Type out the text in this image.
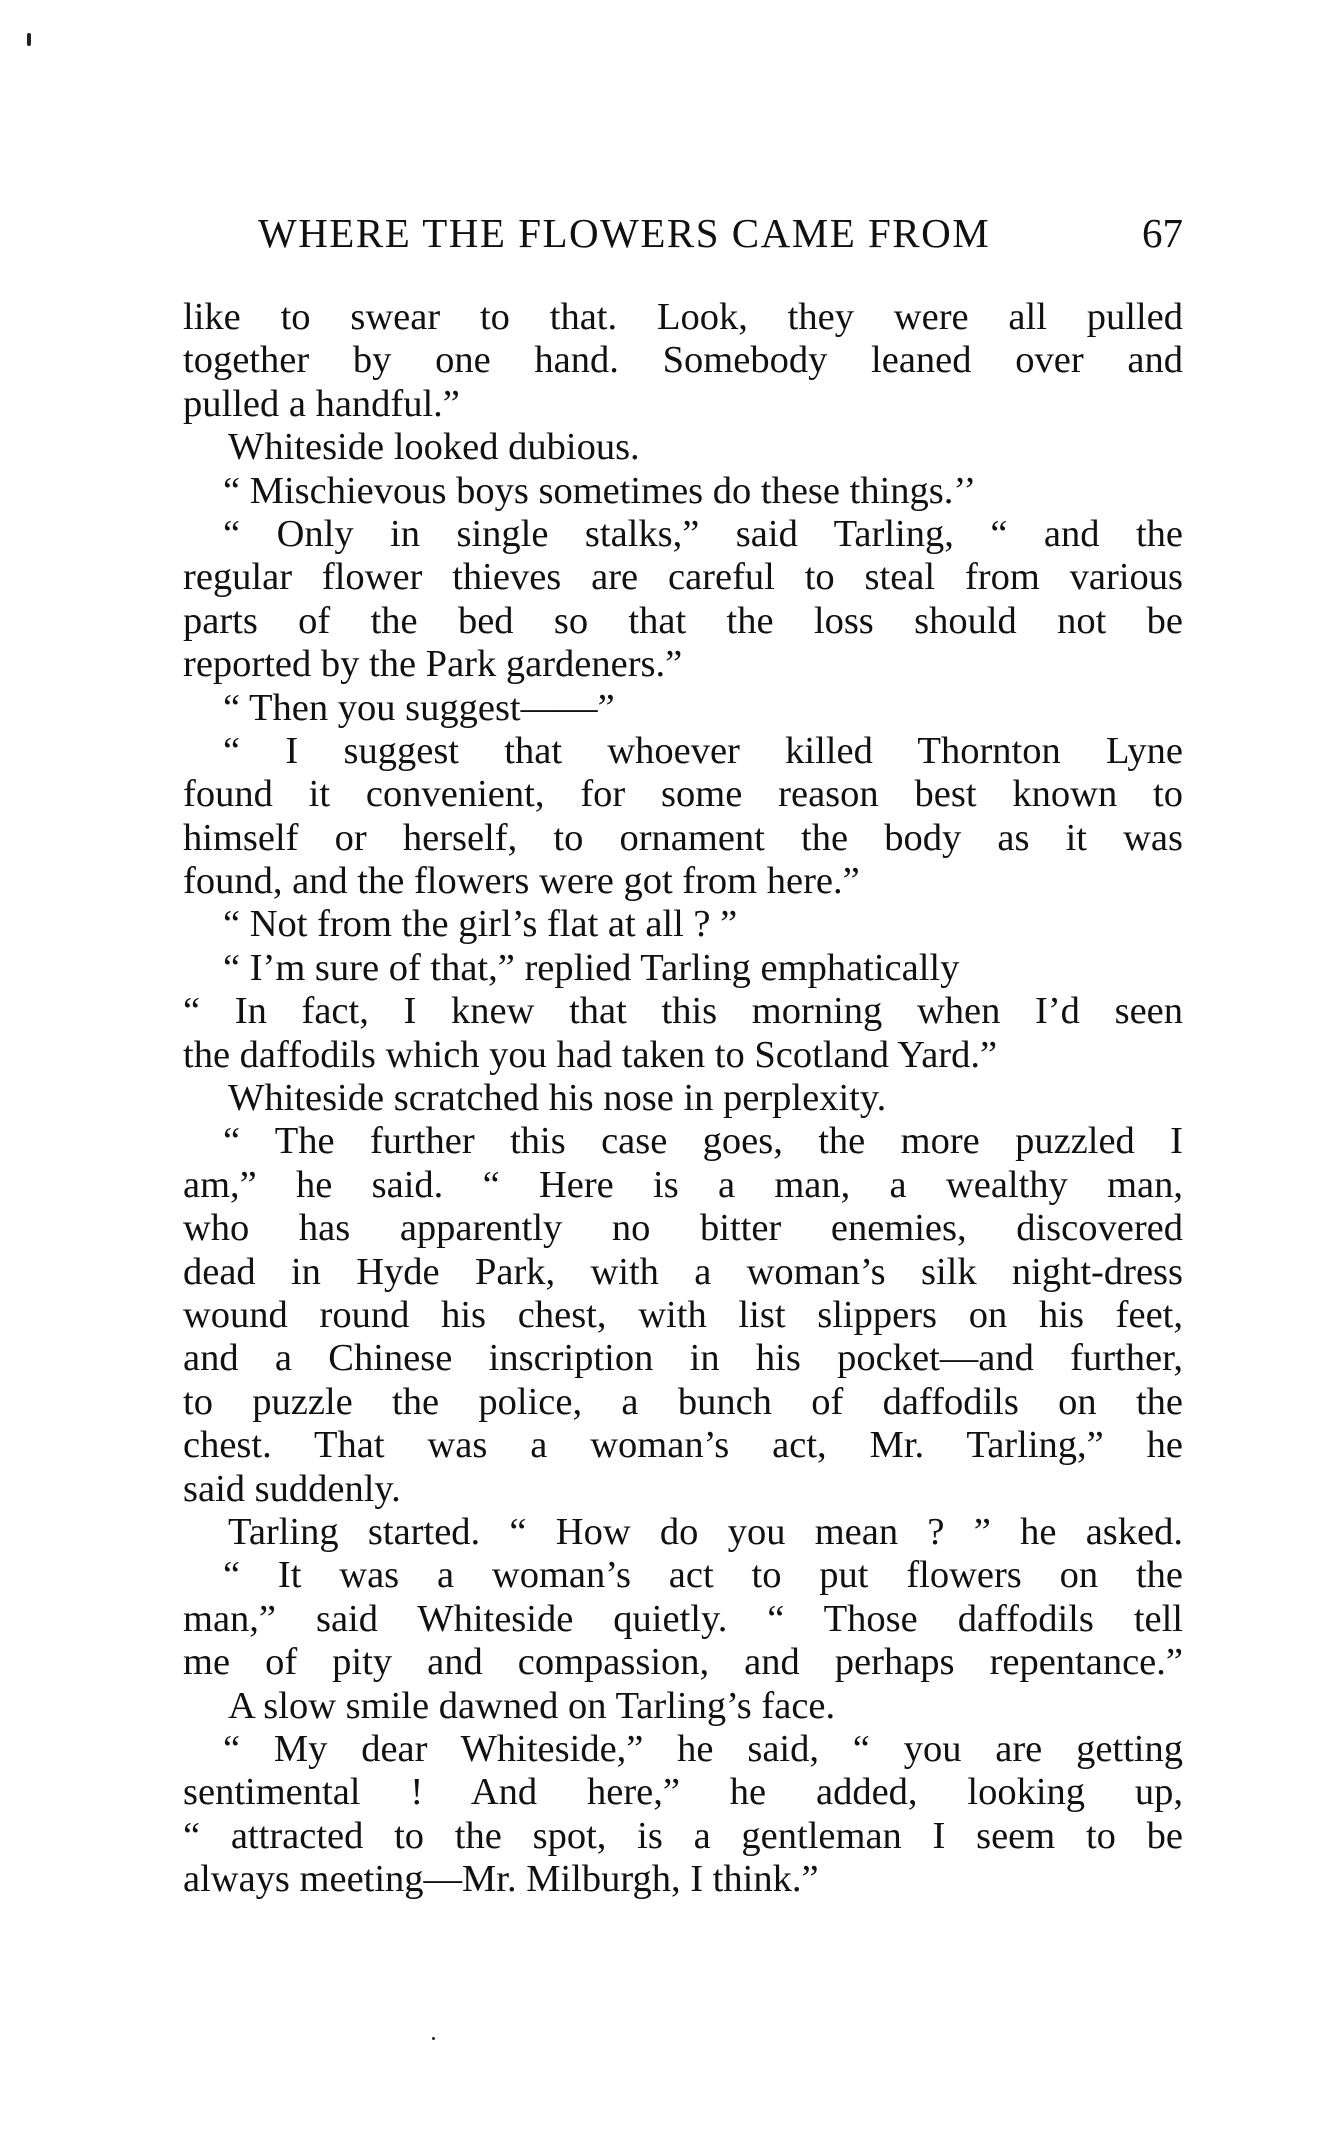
WHERE THE FLOWERS CAME FROM	67
like to swear to that. Look, they were all pulled
together by one hand. Somebody leaned over and
pulled a handful.”
Whiteside looked dubious.
“ Mischievous boys sometimes do these things.’’
“ Only in single stalks,” said Tarling, “ and the
regular flower thieves are careful to steal from various
parts of the bed so that the loss should not be
reported by the Park gardeners.”
“ Then you suggest——”
“ I suggest that whoever killed Thornton Lyne
found it convenient, for some reason best known to
himself or herself, to ornament the body as it was
found, and the flowers were got from here.”
“ Not from the girl’s flat at all ? ”
“ I’m sure of that,” replied Tarling emphatically
“ In fact, I knew that this morning when I’d seen
the daffodils which you had taken to Scotland Yard.”
Whiteside scratched his nose in perplexity.
“ The further this case goes, the more puzzled I
am,” he said. “ Here is a man, a wealthy man,
who has apparently no bitter enemies, discovered
dead in Hyde Park, with a woman’s silk night-dress
wound round his chest, with list slippers on his feet,
and a Chinese inscription in his pocket—and further,
to puzzle the police, a bunch of daffodils on the
chest. That was a woman’s act, Mr. Tarling,” he
said suddenly.
Tarling started. “ How do you mean ? ” he asked.
“ It was a woman’s act to put flowers on the
man,” said Whiteside quietly. “ Those daffodils tell
me of pity and compassion, and perhaps repentance.”
A slow smile dawned on Tarling’s face.
“ My dear Whiteside,” he said, “ you are getting
sentimental ! And here,” he added, looking up,
“ attracted to the spot, is a gentleman I seem to be
always meeting—Mr. Milburgh, I think.”
